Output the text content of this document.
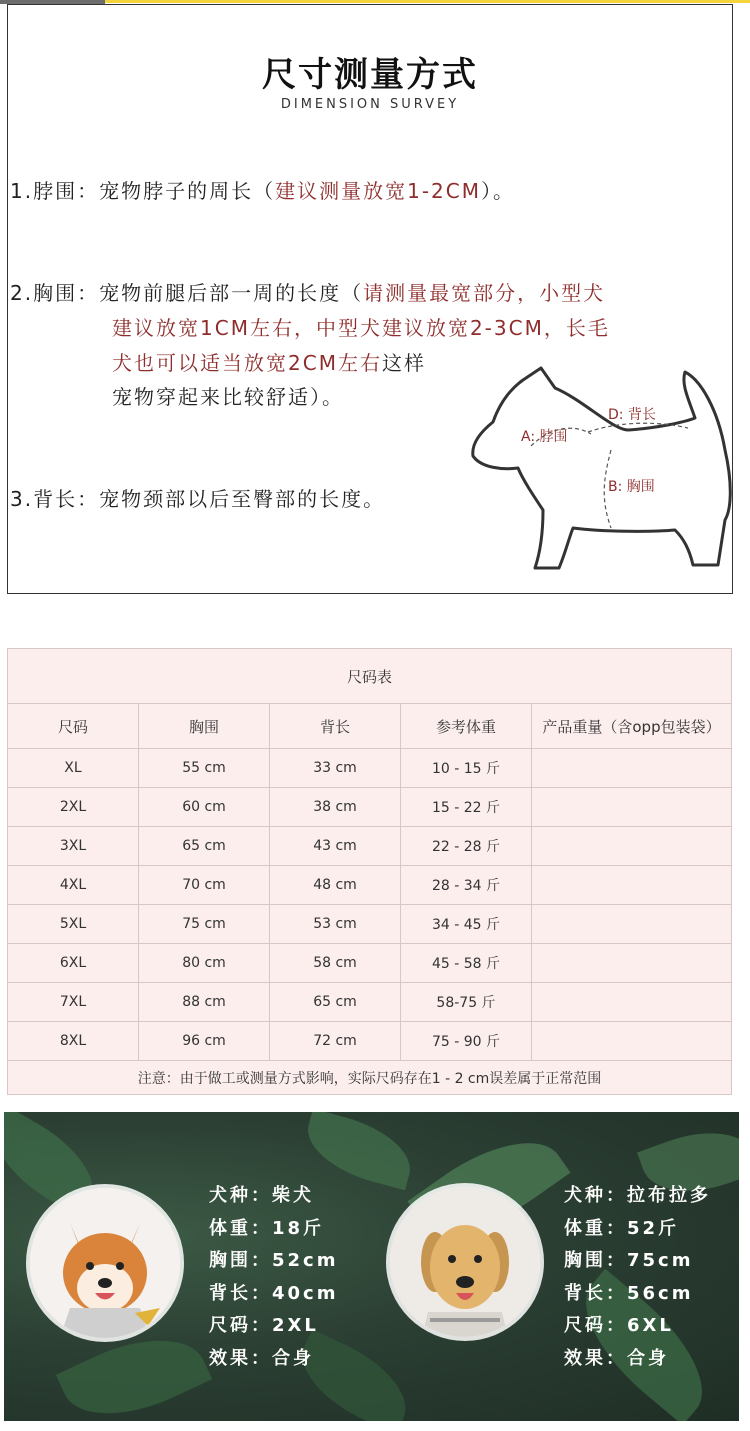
尺寸测量方式
DIMENSION SURVEY
1.脖围：宠物脖子的周长（建议测量放宽1-2CM）。
2.胸围：宠物前腿后部一周的长度（请测量最宽部分，小型犬
建议放宽1CM左右，中型犬建议放宽2-3CM，长毛
犬也可以适当放宽2CM左右这样
宠物穿起来比较舒适）。
3.背长：宠物颈部以后至臀部的长度。
A: 脖围
B: 胸围
D: 背长
尺码表				
尺码	胸围	背长	参考体重	产品重量（含opp包装袋）
XL	55 cm	33 cm	10 - 15 斤	
2XL	60 cm	38 cm	15 - 22 斤	
3XL	65 cm	43 cm	22 - 28 斤	
4XL	70 cm	48 cm	28 - 34 斤	
5XL	75 cm	53 cm	34 - 45 斤	
6XL	80 cm	58 cm	45 - 58 斤	
7XL	88 cm	65 cm	58-75 斤	
8XL	96 cm	72 cm	75 - 90 斤	
注意：由于做工或测量方式影响，实际尺码存在1 - 2 cm误差属于正常范围				
犬种：柴犬
体重：18斤
胸围：52cm
背长：40cm
尺码：2XL
效果：合身
犬种：拉布拉多
体重：52斤
胸围：75cm
背长：56cm
尺码：6XL
效果：合身
